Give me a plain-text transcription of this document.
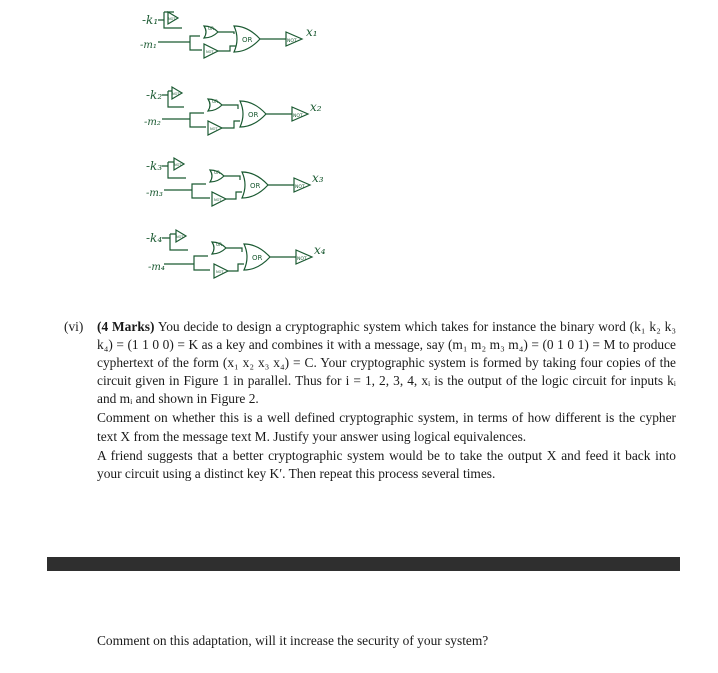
-k₁
-m₁
NOT
OR
NOT
OR	NOT
x₁
-k₂
-m₂
NOT
OR
NOT
OR	NOT
x₂
-k₃
-m₃
NOT
OR
NOT
OR	NOT
x₃
-k₄
-m₄
NOT
OR
NOT
OR	NOT
x₄
(vi) (4 Marks) You decide to design a cryptographic system which takes for instance the binary word (k₁ k₂ k₃ k₄) = (1 1 0 0) = K as a key and combines it with a message, say (m₁ m₂ m₃ m₄) = (0 1 0 1) = M to produce cyphertext of the form (x₁ x₂ x₃ x₄) = C. Your cryptographic system is formed by taking four copies of the circuit given in Figure 1 in parallel. Thus for i = 1, 2, 3, 4, xᵢ is the output of the logic circuit for inputs kᵢ and mᵢ and shown in Figure 2.

Comment on whether this is a well defined cryptographic system, in terms of how different is the cypher text X from the message text M. Justify your answer using logical equivalences.

A friend suggests that a better cryptographic system would be to take the output X and feed it back into your circuit using a distinct key K′. Then repeat this process several times.

Comment on this adaptation, will it increase the security of your system?
